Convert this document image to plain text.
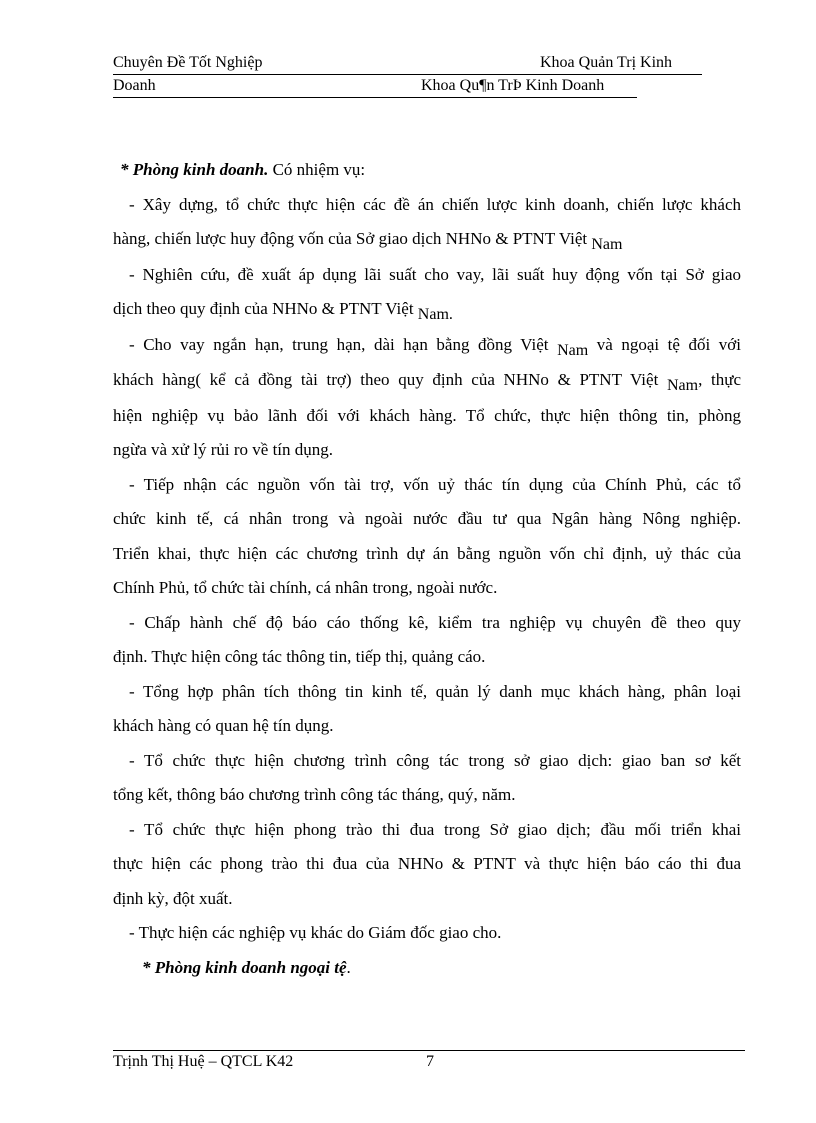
Chuyên Đề Tốt Nghiệp	Khoa Quản Trị Kinh
Doanh	Khoa Qu¶n TrÞ Kinh Doanh

* Phòng kinh doanh. Có nhiệm vụ:

- Xây dựng, tổ chức thực hiện các đề án chiến lược kinh doanh, chiến lược khách

hàng, chiến lược huy động vốn của Sở giao dịch NHNo & PTNT Việt Nam

- Nghiên cứu, đề xuất áp dụng lãi suất cho vay, lãi suất huy động vốn tại Sở giao

dịch theo quy định của NHNo & PTNT Việt Nam.

- Cho vay ngắn hạn, trung hạn, dài hạn bằng đồng Việt Nam và ngoại tệ đối với

khách hàng( kể cả đồng tài trợ) theo quy định của NHNo & PTNT Việt Nam, thực

hiện nghiệp vụ bảo lãnh đối với khách hàng. Tổ chức, thực hiện thông tin, phòng

ngừa và xử lý rủi ro về tín dụng.

- Tiếp nhận các nguồn vốn tài trợ, vốn uỷ thác tín dụng của Chính Phủ, các tổ

chức kinh tế, cá nhân trong và ngoài nước đầu tư qua Ngân hàng Nông nghiệp.

Triển khai, thực hiện các chương trình dự án bằng nguồn vốn chỉ định, uỷ thác của

Chính Phủ, tổ chức tài chính, cá nhân trong, ngoài nước.

- Chấp hành chế độ báo cáo thống kê, kiểm tra nghiệp vụ chuyên đề theo quy

định. Thực hiện công tác thông tin, tiếp thị, quảng cáo.

- Tổng hợp phân tích thông tin kinh tế, quản lý danh mục khách hàng, phân loại

khách hàng có quan hệ tín dụng.

- Tổ chức thực hiện chương trình công tác trong sở giao dịch: giao ban sơ kết

tổng kết, thông báo chương trình công tác tháng, quý, năm.

- Tổ chức thực hiện phong trào thi đua trong Sở giao dịch; đầu mối triển khai

thực hiện các phong trào thi đua của NHNo & PTNT và thực hiện báo cáo thi đua

định kỳ, đột xuất.

- Thực hiện các nghiệp vụ khác do Giám đốc giao cho.

* Phòng kinh doanh ngoại tệ.

Trịnh Thị Huệ – QTCL K42	7
